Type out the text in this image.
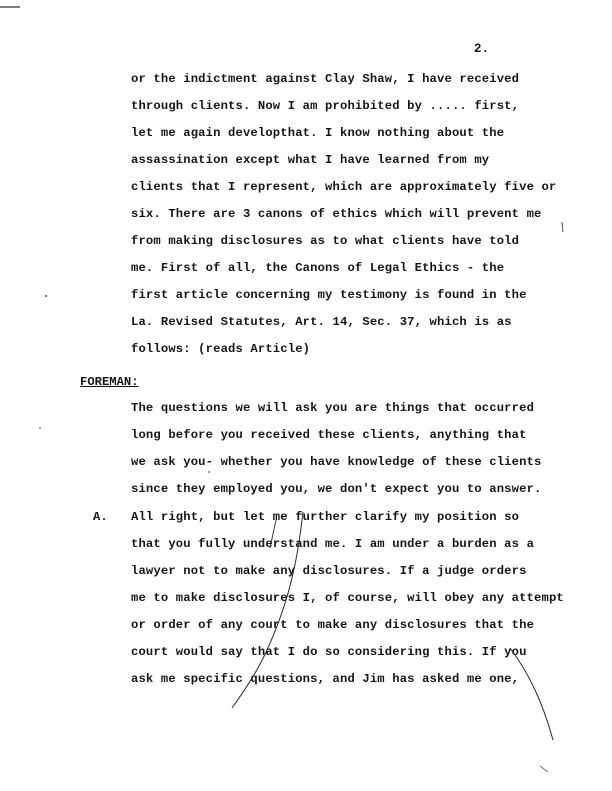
2.
or the indictment against Clay Shaw, I have received
through clients. Now I am prohibited by ..... first,
let me again developthat. I know nothing about the
assassination except what I have learned from my
clients that I represent, which are approximately five or
six. There are 3 canons of ethics which will prevent me
from making disclosures as to what clients have told
me. First of all, the Canons of Legal Ethics - the
first article concerning my testimony is found in the
La. Revised Statutes, Art. 14, Sec. 37, which is as
follows: (reads Article)
FOREMAN:
The questions we will ask you are things that occurred
long before you received these clients, anything that
we ask you- whether you have knowledge of these clients
since they employed you, we don't expect you to answer.
A. All right, but let me further clarify my position so
that you fully understand me. I am under a burden as a
lawyer not to make any disclosures. If a judge orders
me to make disclosures I, of course, will obey any attempt
or order of any court to make any disclosures that the
court would say that I do so considering this. If you
ask me specific questions, and Jim has asked me one,
